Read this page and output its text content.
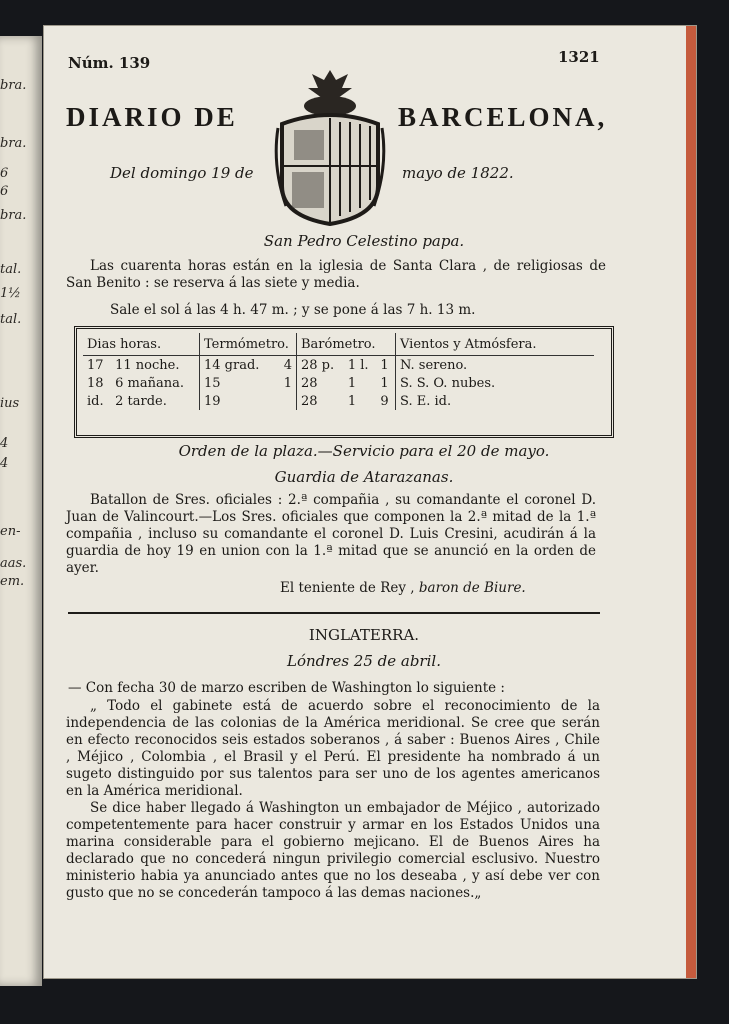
bra.
bra.
6
6
bra.
tal.
1½
tal.
ius
4
4
en-
aas.
em.
Núm. 139	1321
DIARIO DE	BARCELONA,
Del domingo 19 de	mayo de 1822.
San Pedro Celestino papa.
Las cuarenta horas están en la iglesia de Santa Clara , de religiosas de San Benito : se reserva á las siete y media.
Sale el sol á las 4 h. 47 m. ; y se pone á las 7 h. 13 m.
Dias horas.		Termómetro.		Barómetro.			Vientos y Atmósfera.
17	11 noche.	14 grad.	4	28 p.	1 l.	1	N. sereno.
18	6 mañana.	15	1	28	1	1	S. S. O. nubes.
id.	2 tarde.	19		28	1	9	S. E. id.
Orden de la plaza.—Servicio para el 20 de mayo.
Guardia de Atarazanas.

Batallon de Sres. oficiales : 2.ª compañia , su comandante el coronel D. Juan de Valincourt.—Los Sres. oficiales que componen la 2.ª mitad de la 1.ª compañia , incluso su comandante el coronel D. Luis Cresini, acudirán á la guardia de hoy 19 en union con la 1.ª mitad que se anunció en la orden de ayer.

El teniente de Rey , baron de Biure.
INGLATERRA.
Lóndres 25 de abril.
— Con fecha 30 de marzo escriben de Washington lo siguiente :

„ Todo el gabinete está de acuerdo sobre el reconocimiento de la independencia de las colonias de la América meridional. Se cree que serán en efecto reconocidos seis estados soberanos , á saber : Buenos Aires , Chile , Méjico , Colombia , el Brasil y el Perú. El presidente ha nombrado á un sugeto distinguido por sus talentos para ser uno de los agentes americanos en la América meridional.

Se dice haber llegado á Washington un embajador de Méjico , autorizado competentemente para hacer construir y armar en los Estados Unidos una marina considerable para el gobierno mejicano. El de Buenos Aires ha declarado que no concederá ningun privilegio comercial esclusivo. Nuestro ministerio habia ya anunciado antes que no los deseaba , y así debe ver con gusto que no se concederán tampoco á las demas naciones.„
